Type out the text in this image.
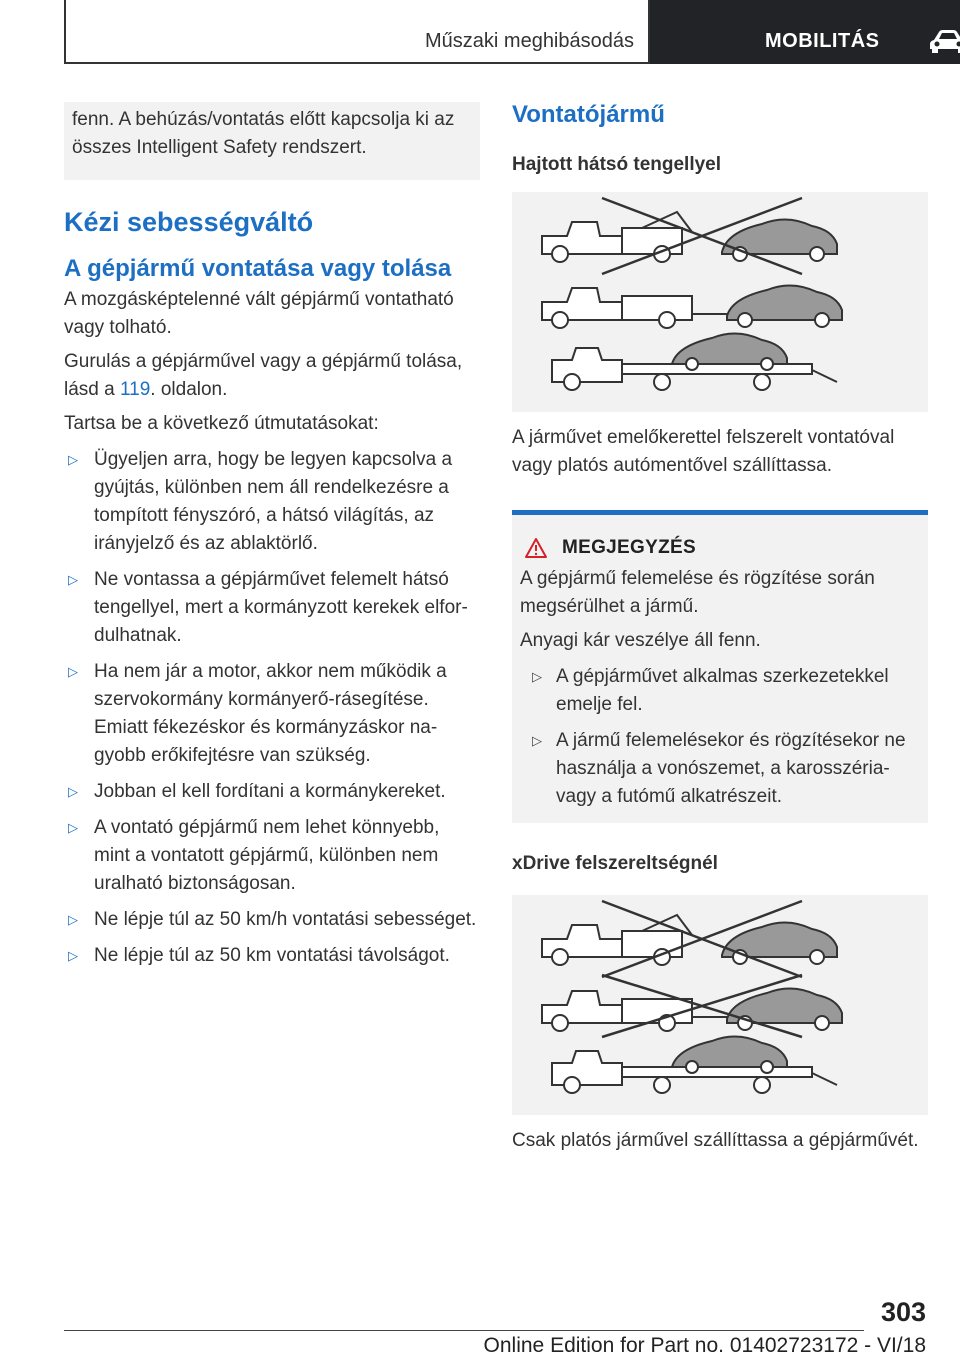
Műszaki meghibásodás	MOBILITÁS

fenn. A behúzás/vontatás előtt kapcsolja ki az összes Intelligent Safety rendszert.

Kézi sebességváltó
A gépjármű vontatása vagy tolása

A mozgásképtelenné vált gépjármű vontatható vagy tolható.

Gurulás a gépjárművel vagy a gépjármű tolása, lásd a 119. oldalon.

Tartsa be a következő útmutatásokat:

▷ Ügyeljen arra, hogy be legyen kapcsolva a gyújtás, különben nem áll rendelkezésre a tompított fényszóró, a hátsó világítás, az irányjelző és az ablaktörlő.
▷ Ne vontassa a gépjárművet felemelt hátsó tengellyel, mert a kormányzott kerekek elfor-dulhatnak.
▷ Ha nem jár a motor, akkor nem működik a szervokormány kormányerő-rásegítése. Emiatt fékezéskor és kormányzáskor na-gyobb erőkifejtésre van szükség.
▷ Jobban el kell fordítani a kormánykereket.
▷ A vontató gépjármű nem lehet könnyebb, mint a vontatott gépjármű, különben nem uralható biztonságosan.
▷ Ne lépje túl az 50 km/h vontatási sebességet.
▷ Ne lépje túl az 50 km vontatási távolságot.
Vontatójármű
Hajtott hátsó tengellyel

A járművet emelőkerettel felszerelt vontatóval vagy platós autómentővel szállíttassa.

MEGJEGYZÉS

A gépjármű felemelése és rögzítése során megsérülhet a jármű.

Anyagi kár veszélye áll fenn.

▷ A gépjárművet alkalmas szerkezetekkel emelje fel.
▷ A jármű felemelésekor és rögzítésekor ne használja a vonószemet, a karosszéria-vagy a futómű alkatrészeit.
xDrive felszereltségnél

Csak platós járművel szállíttassa a gépjárművét.

303
Online Edition for Part no. 01402723172 - VI/18
